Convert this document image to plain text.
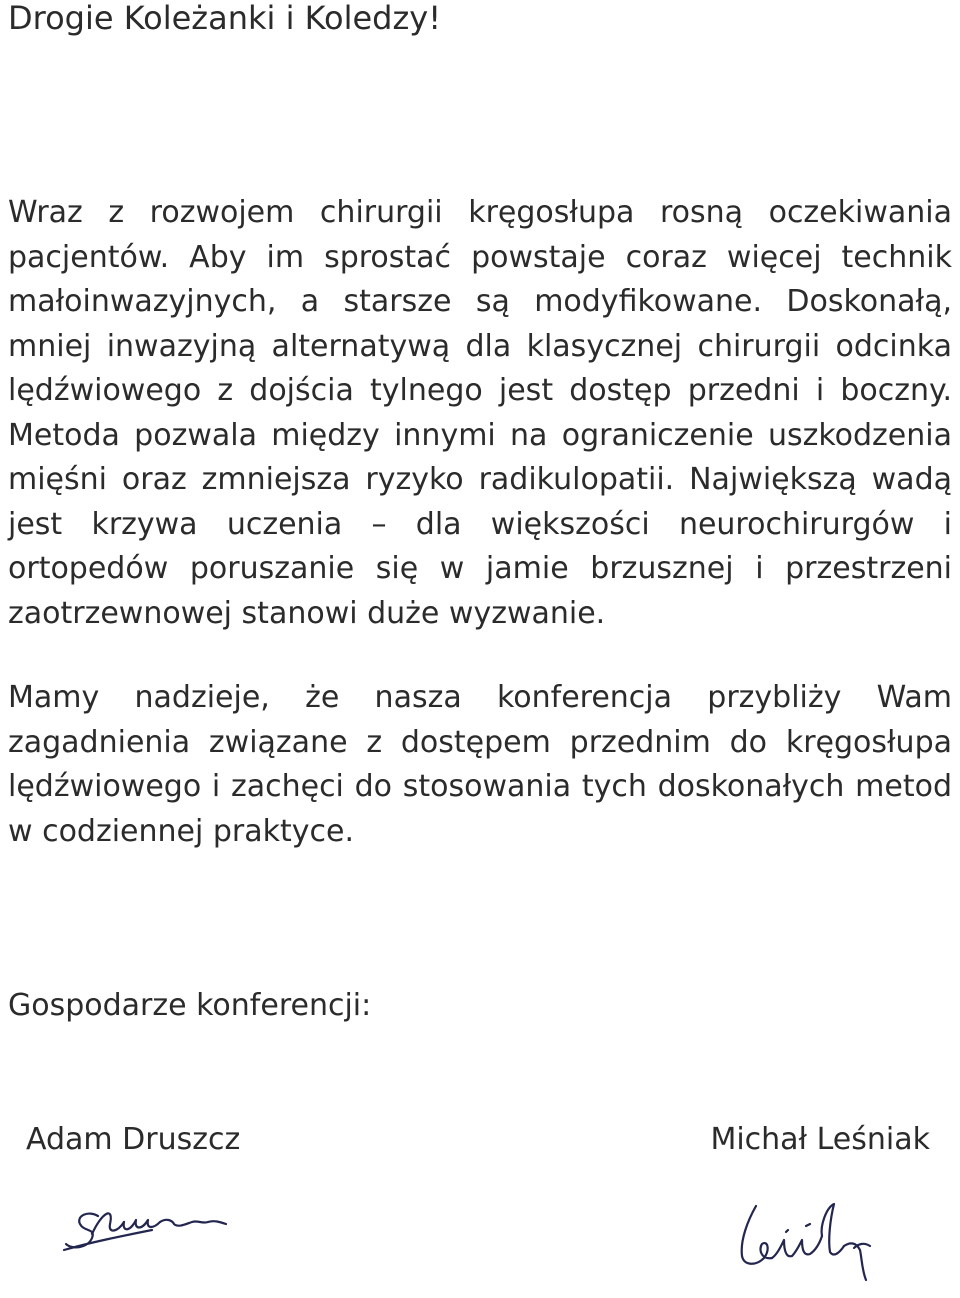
Drogie Koleżanki i Koledzy!

Wraz z rozwojem chirurgii kręgosłupa rosną oczekiwania pacjentów. Aby im sprostać powstaje coraz więcej technik małoinwazyjnych, a starsze są modyfikowane. Doskonałą, mniej inwazyjną alternatywą dla klasycznej chirurgii odcinka lędźwiowego z dojścia tylnego jest dostęp przedni i boczny. Metoda pozwala między innymi na ograniczenie uszkodzenia mięśni oraz zmniejsza ryzyko radikulopatii. Największą wadą jest krzywa uczenia – dla większości neurochirurgów i ortopedów poruszanie się w jamie brzusznej i przestrzeni zaotrzewnowej stanowi duże wyzwanie.

Mamy nadzieje, że nasza konferencja przybliży Wam zagadnienia związane z dostępem przednim do kręgosłupa lędźwiowego i zachęci do stosowania tych doskonałych metod w codziennej praktyce.

Gospodarze konferencji:

Adam Druszcz	Michał Leśniak
